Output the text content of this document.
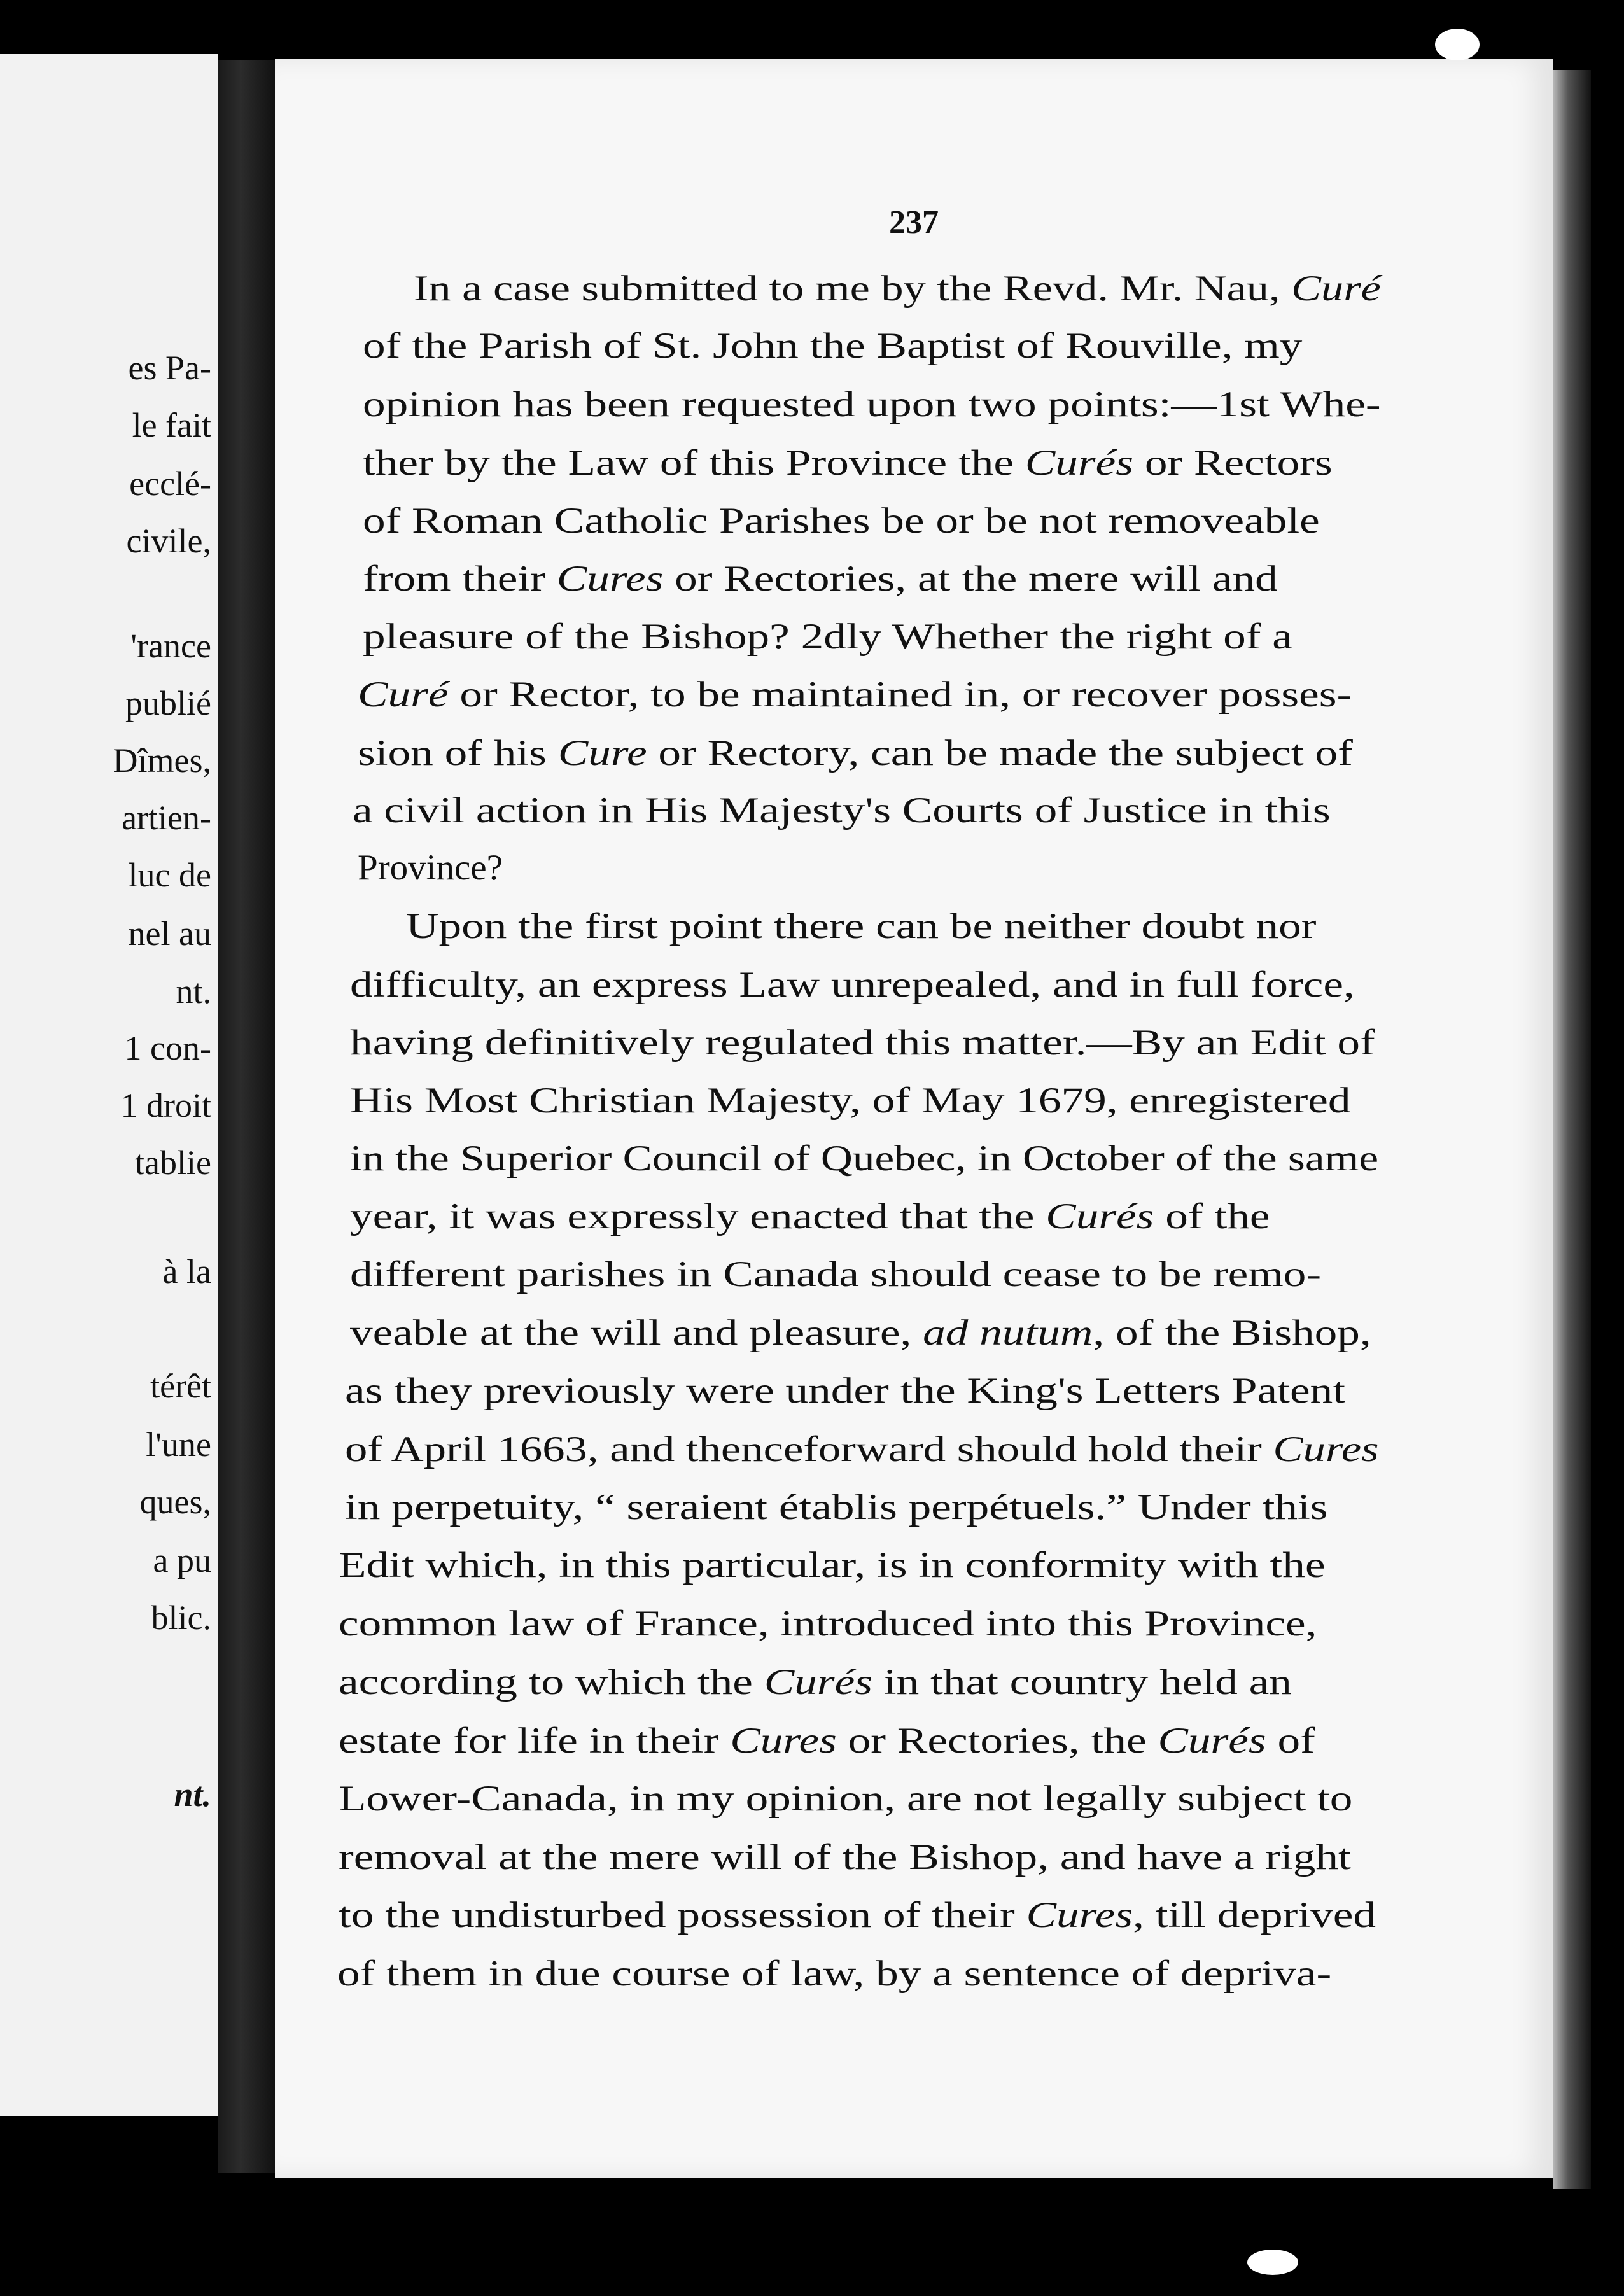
es Pa-
le fait
ecclé-
civile,
'rance
publié
Dîmes,
artien-
luc de
nel au
nt.
1 con-
1 droit
tablie
à la
térêt
l'une
ques,
a pu
blic.
nt.
237
In a case submitted to me by the Revd. Mr. Nau, Curé
of the Parish of St. John the Baptist of Rouville, my
opinion has been requested upon two points:—1st Whe-
ther by the Law of this Province the Curés or Rectors
of Roman Catholic Parishes be or be not removeable
from their Cures or Rectories, at the mere will and
pleasure of the Bishop? 2dly Whether the right of a
Curé or Rector, to be maintained in, or recover posses-
sion of his Cure or Rectory, can be made the subject of
a civil action in His Majesty's Courts of Justice in this
Province?
Upon the first point there can be neither doubt nor
difficulty, an express Law unrepealed, and in full force,
having definitively regulated this matter.—By an Edit of
His Most Christian Majesty, of May 1679, enregistered
in the Superior Council of Quebec, in October of the same
year, it was expressly enacted that the Curés of the
different parishes in Canada should cease to be remo-
veable at the will and pleasure, ad nutum, of the Bishop,
as they previously were under the King's Letters Patent
of April 1663, and thenceforward should hold their Cures
in perpetuity, “ seraient établis perpétuels.” Under this
Edit which, in this particular, is in conformity with the
common law of France, introduced into this Province,
according to which the Curés in that country held an
estate for life in their Cures or Rectories, the Curés of
Lower-Canada, in my opinion, are not legally subject to
removal at the mere will of the Bishop, and have a right
to the undisturbed possession of their Cures, till deprived
of them in due course of law, by a sentence of depriva-
